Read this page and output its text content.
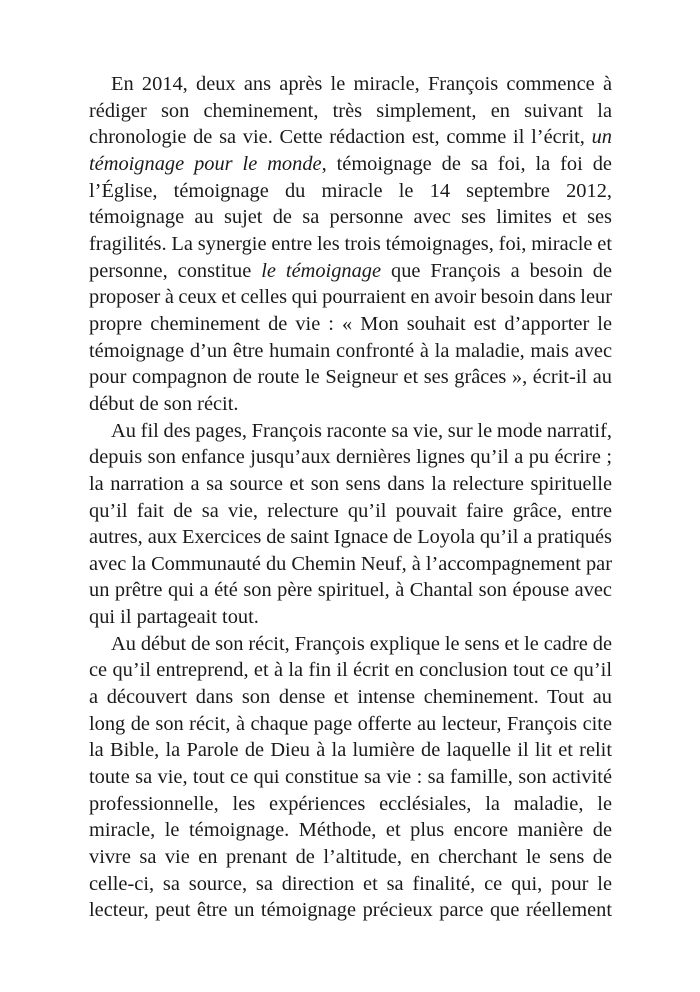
En 2014, deux ans après le miracle, François commence à
rédiger son cheminement, très simplement, en suivant la
chronologie de sa vie. Cette rédaction est, comme il l’écrit, un
témoignage pour le monde, témoignage de sa foi, la foi de
l’Église, témoignage du miracle le 14 septembre 2012,
témoignage au sujet de sa personne avec ses limites et ses
fragilités. La synergie entre les trois témoignages, foi, miracle et
personne, constitue le témoignage que François a besoin de
proposer à ceux et celles qui pourraient en avoir besoin dans leur
propre cheminement de vie : « Mon souhait est d’apporter le
témoignage d’un être humain confronté à la maladie, mais avec
pour compagnon de route le Seigneur et ses grâces », écrit-il au
début de son récit.
Au fil des pages, François raconte sa vie, sur le mode narratif,
depuis son enfance jusqu’aux dernières lignes qu’il a pu écrire ;
la narration a sa source et son sens dans la relecture spirituelle
qu’il fait de sa vie, relecture qu’il pouvait faire grâce, entre
autres, aux Exercices de saint Ignace de Loyola qu’il a pratiqués
avec la Communauté du Chemin Neuf, à l’accompagnement par
un prêtre qui a été son père spirituel, à Chantal son épouse avec
qui il partageait tout.
Au début de son récit, François explique le sens et le cadre de
ce qu’il entreprend, et à la fin il écrit en conclusion tout ce qu’il
a découvert dans son dense et intense cheminement. Tout au
long de son récit, à chaque page offerte au lecteur, François cite
la Bible, la Parole de Dieu à la lumière de laquelle il lit et relit
toute sa vie, tout ce qui constitue sa vie : sa famille, son activité
professionnelle, les expériences ecclésiales, la maladie, le
miracle, le témoignage. Méthode, et plus encore manière de
vivre sa vie en prenant de l’altitude, en cherchant le sens de
celle-ci, sa source, sa direction et sa finalité, ce qui, pour le
lecteur, peut être un témoignage précieux parce que réellement
